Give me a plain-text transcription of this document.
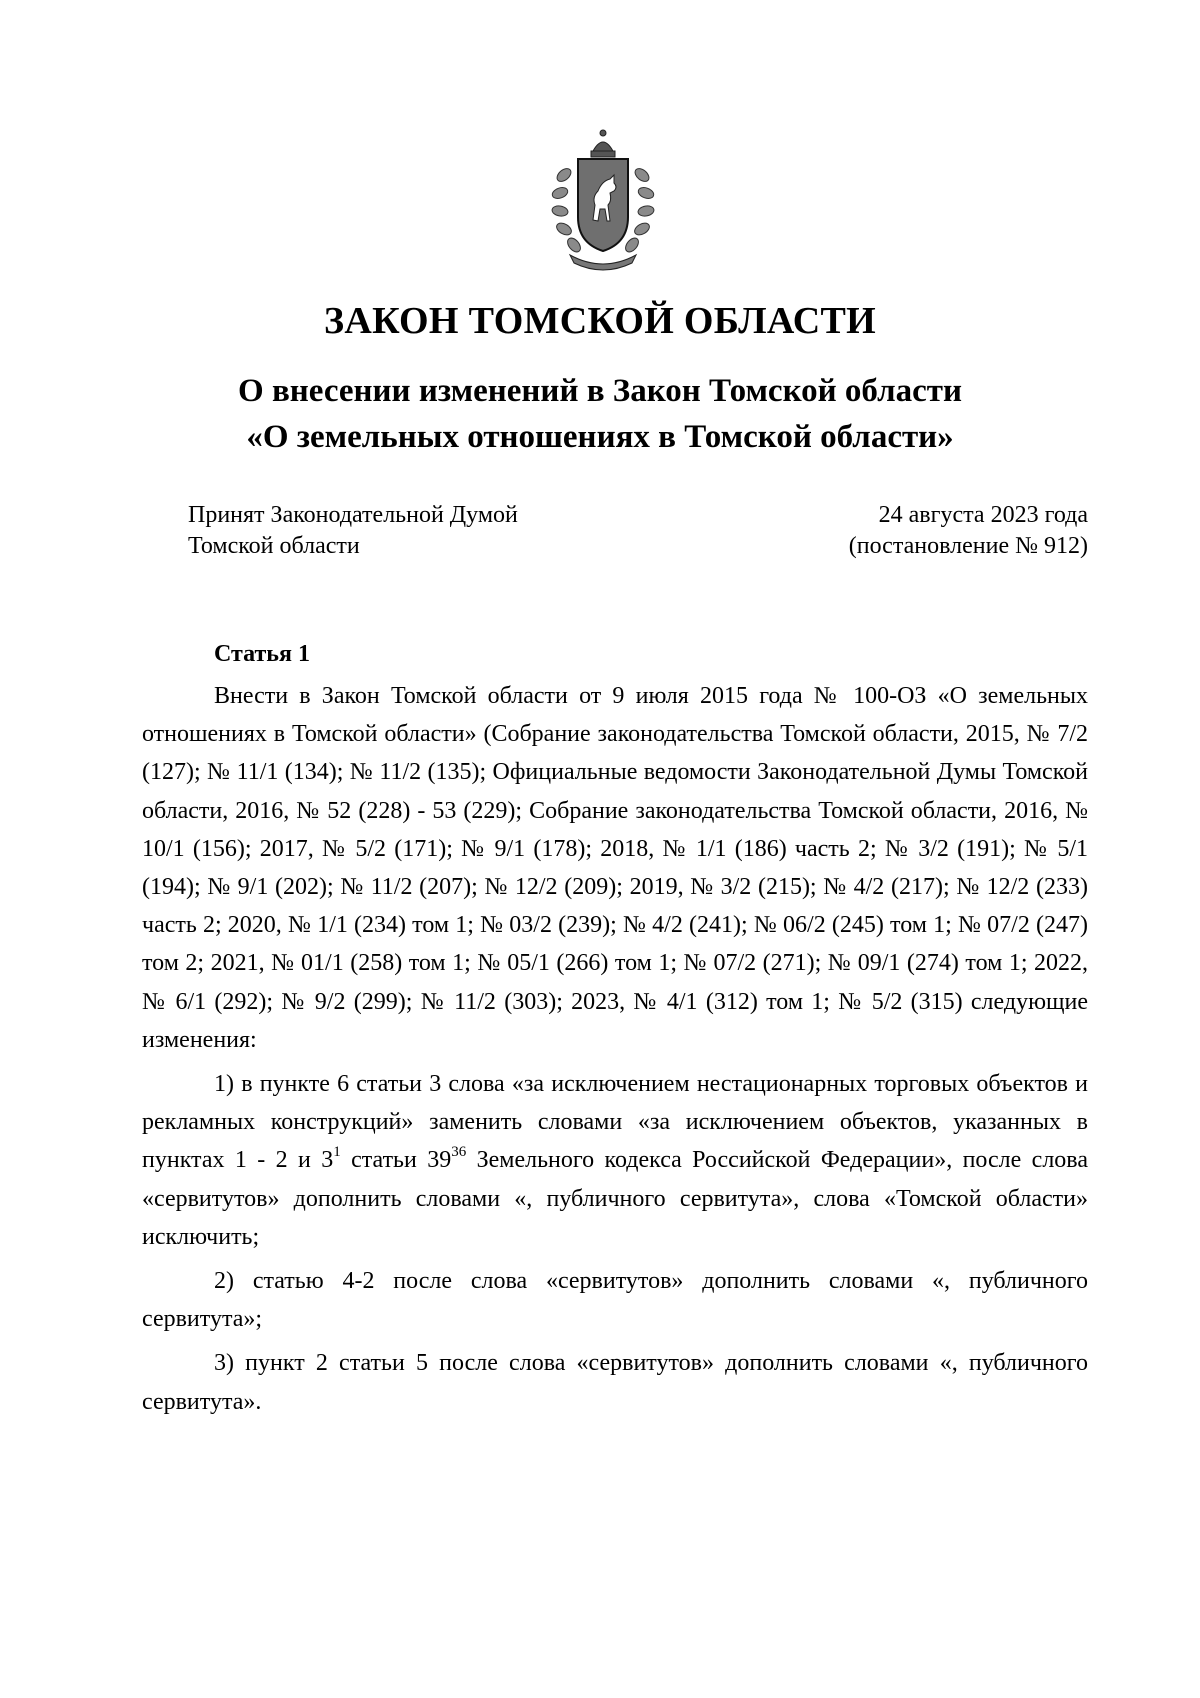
ЗАКОН ТОМСКОЙ ОБЛАСТИ
О внесении изменений в Закон Томской области
«О земельных отношениях в Томской области»
Принят Законодательной Думой
Томской области
24 августа 2023 года
(постановление № 912)
Статья 1

Внести в Закон Томской области от 9 июля 2015 года № 100-ОЗ «О земельных отношениях в Томской области» (Собрание законодательства Томской области, 2015, № 7/2 (127); № 11/1 (134); № 11/2 (135); Официальные ведомости Законодательной Думы Томской области, 2016, № 52 (228) - 53 (229); Собрание законодательства Томской области, 2016, № 10/1 (156); 2017, № 5/2 (171); № 9/1 (178); 2018, № 1/1 (186) часть 2; № 3/2 (191); № 5/1 (194); № 9/1 (202); № 11/2 (207); № 12/2 (209); 2019, № 3/2 (215); № 4/2 (217); № 12/2 (233) часть 2; 2020, № 1/1 (234) том 1; № 03/2 (239); № 4/2 (241); № 06/2 (245) том 1; № 07/2 (247) том 2; 2021, № 01/1 (258) том 1; № 05/1 (266) том 1; № 07/2 (271); № 09/1 (274) том 1; 2022, № 6/1 (292); № 9/2 (299); № 11/2 (303); 2023, № 4/1 (312) том 1; № 5/2 (315) следующие изменения:

1) в пункте 6 статьи 3 слова «за исключением нестационарных торговых объектов и рекламных конструкций» заменить словами «за исключением объектов, указанных в пунктах 1 - 2 и $3^1$ статьи $39^{36}$ Земельного кодекса Российской Федерации», после слова «сервитутов» дополнить словами «, публичного сервитута», слова «Томской области» исключить;

2) статью 4-2 после слова «сервитутов» дополнить словами «, публичного сервитута»;

3) пункт 2 статьи 5 после слова «сервитутов» дополнить словами «, публичного сервитута».
